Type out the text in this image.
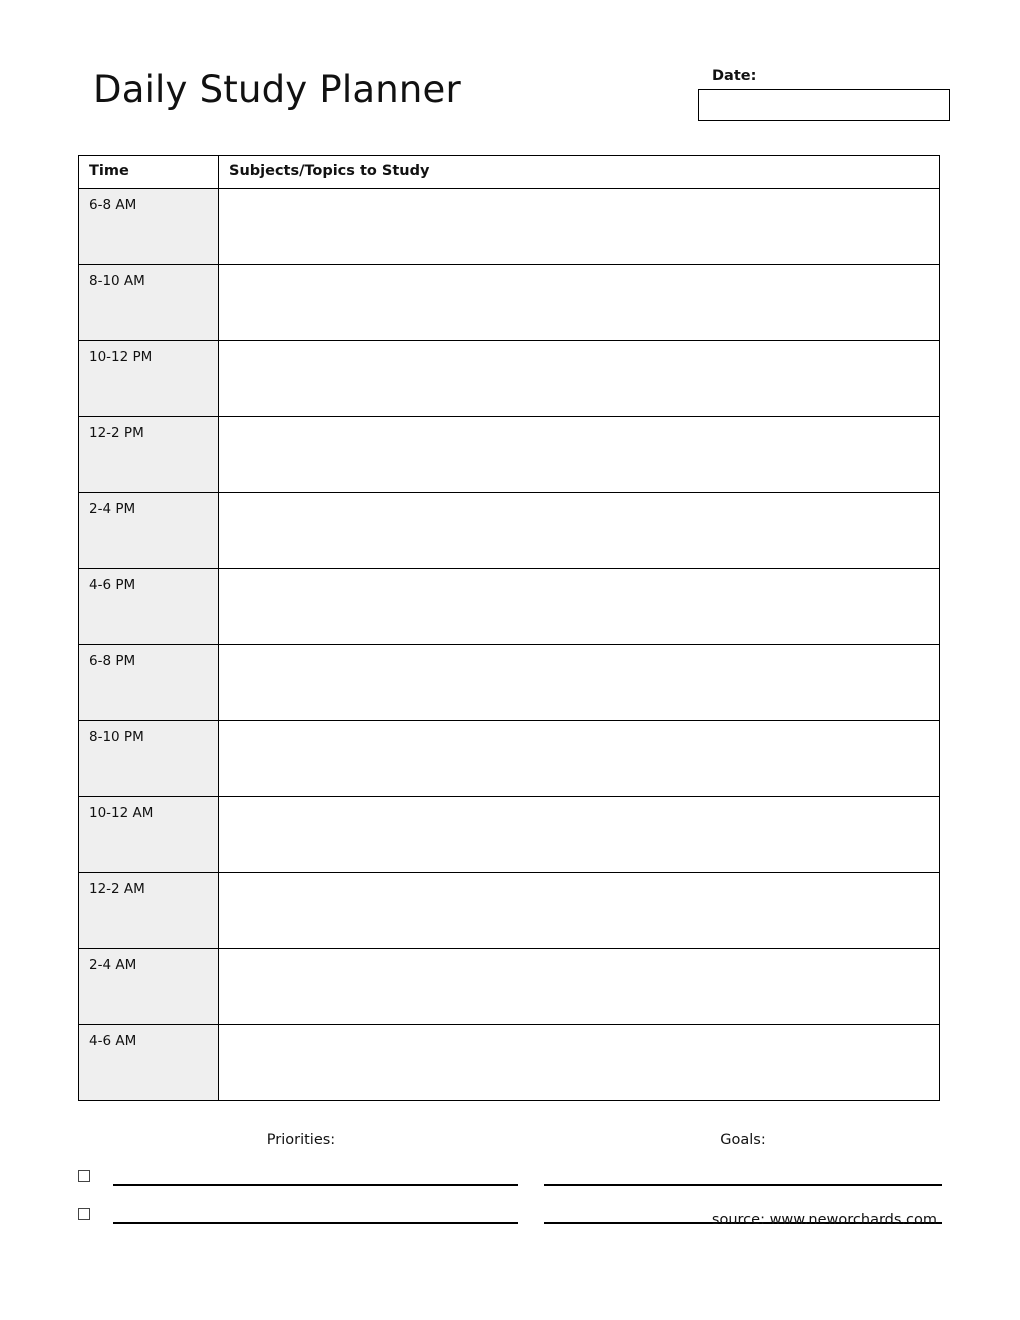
Daily Study Planner	Date:
Time	Subjects/Topics to Study
6-8 AM	
8-10 AM	
10-12 PM	
12-2 PM	
2-4 PM	
4-6 PM	
6-8 PM	
8-10 PM	
10-12 AM	
12-2 AM	
2-4 AM	
4-6 AM	
Priorities:	Goals:
source: www.neworchards.com
